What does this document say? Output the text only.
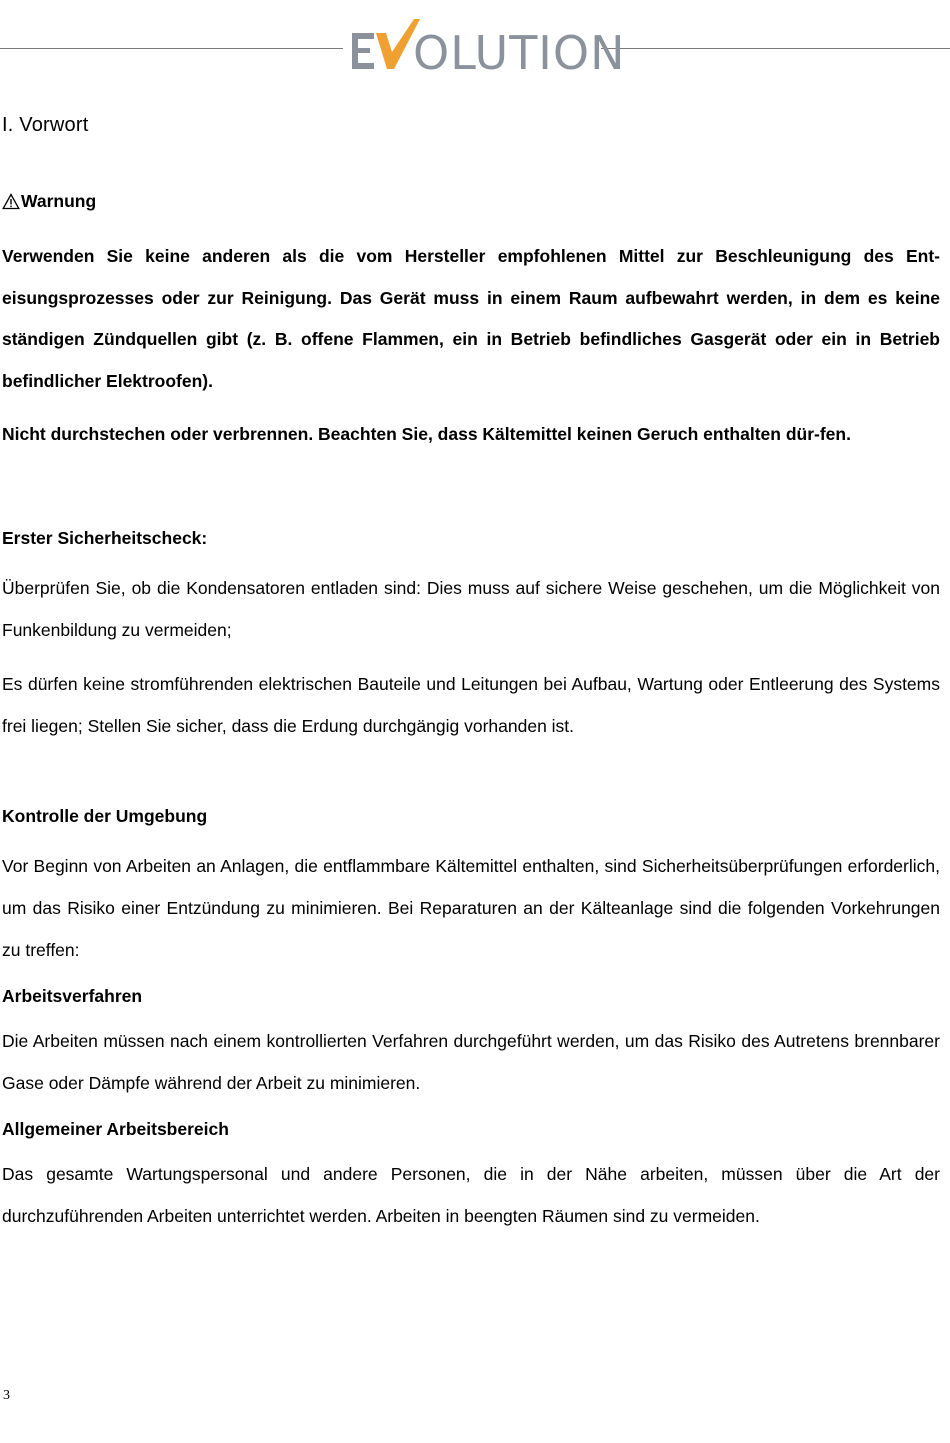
OLUTION
I. Vorwort
Warnung

Verwenden Sie keine anderen als die vom Hersteller empfohlenen Mittel zur Beschleunigung des Ent-eisungsprozesses oder zur Reinigung. Das Gerät muss in einem Raum aufbewahrt werden, in dem es keine ständigen Zündquellen gibt (z. B. offene Flammen, ein in Betrieb befindliches Gasgerät oder ein in Betrieb befindlicher Elektroofen).

Nicht durchstechen oder verbrennen. Beachten Sie, dass Kältemittel keinen Geruch enthalten dür-fen.

Erster Sicherheitscheck:

Überprüfen Sie, ob die Kondensatoren entladen sind: Dies muss auf sichere Weise geschehen, um die Möglichkeit von Funkenbildung zu vermeiden;

Es dürfen keine stromführenden elektrischen Bauteile und Leitungen bei Aufbau, Wartung oder Entleerung des Systems frei liegen; Stellen Sie sicher, dass die Erdung durchgängig vorhanden ist.

Kontrolle der Umgebung

Vor Beginn von Arbeiten an Anlagen, die entflammbare Kältemittel enthalten, sind Sicherheitsüberprüfungen erforderlich, um das Risiko einer Entzündung zu minimieren. Bei Reparaturen an der Kälteanlage sind die folgenden Vorkehrungen zu treffen:

Arbeitsverfahren

Die Arbeiten müssen nach einem kontrollierten Verfahren durchgeführt werden, um das Risiko des Autretens brennbarer Gase oder Dämpfe während der Arbeit zu minimieren.

Allgemeiner Arbeitsbereich

Das gesamte Wartungspersonal und andere Personen, die in der Nähe arbeiten, müssen über die Art der durchzuführenden Arbeiten unterrichtet werden. Arbeiten in beengten Räumen sind zu vermeiden.

3
